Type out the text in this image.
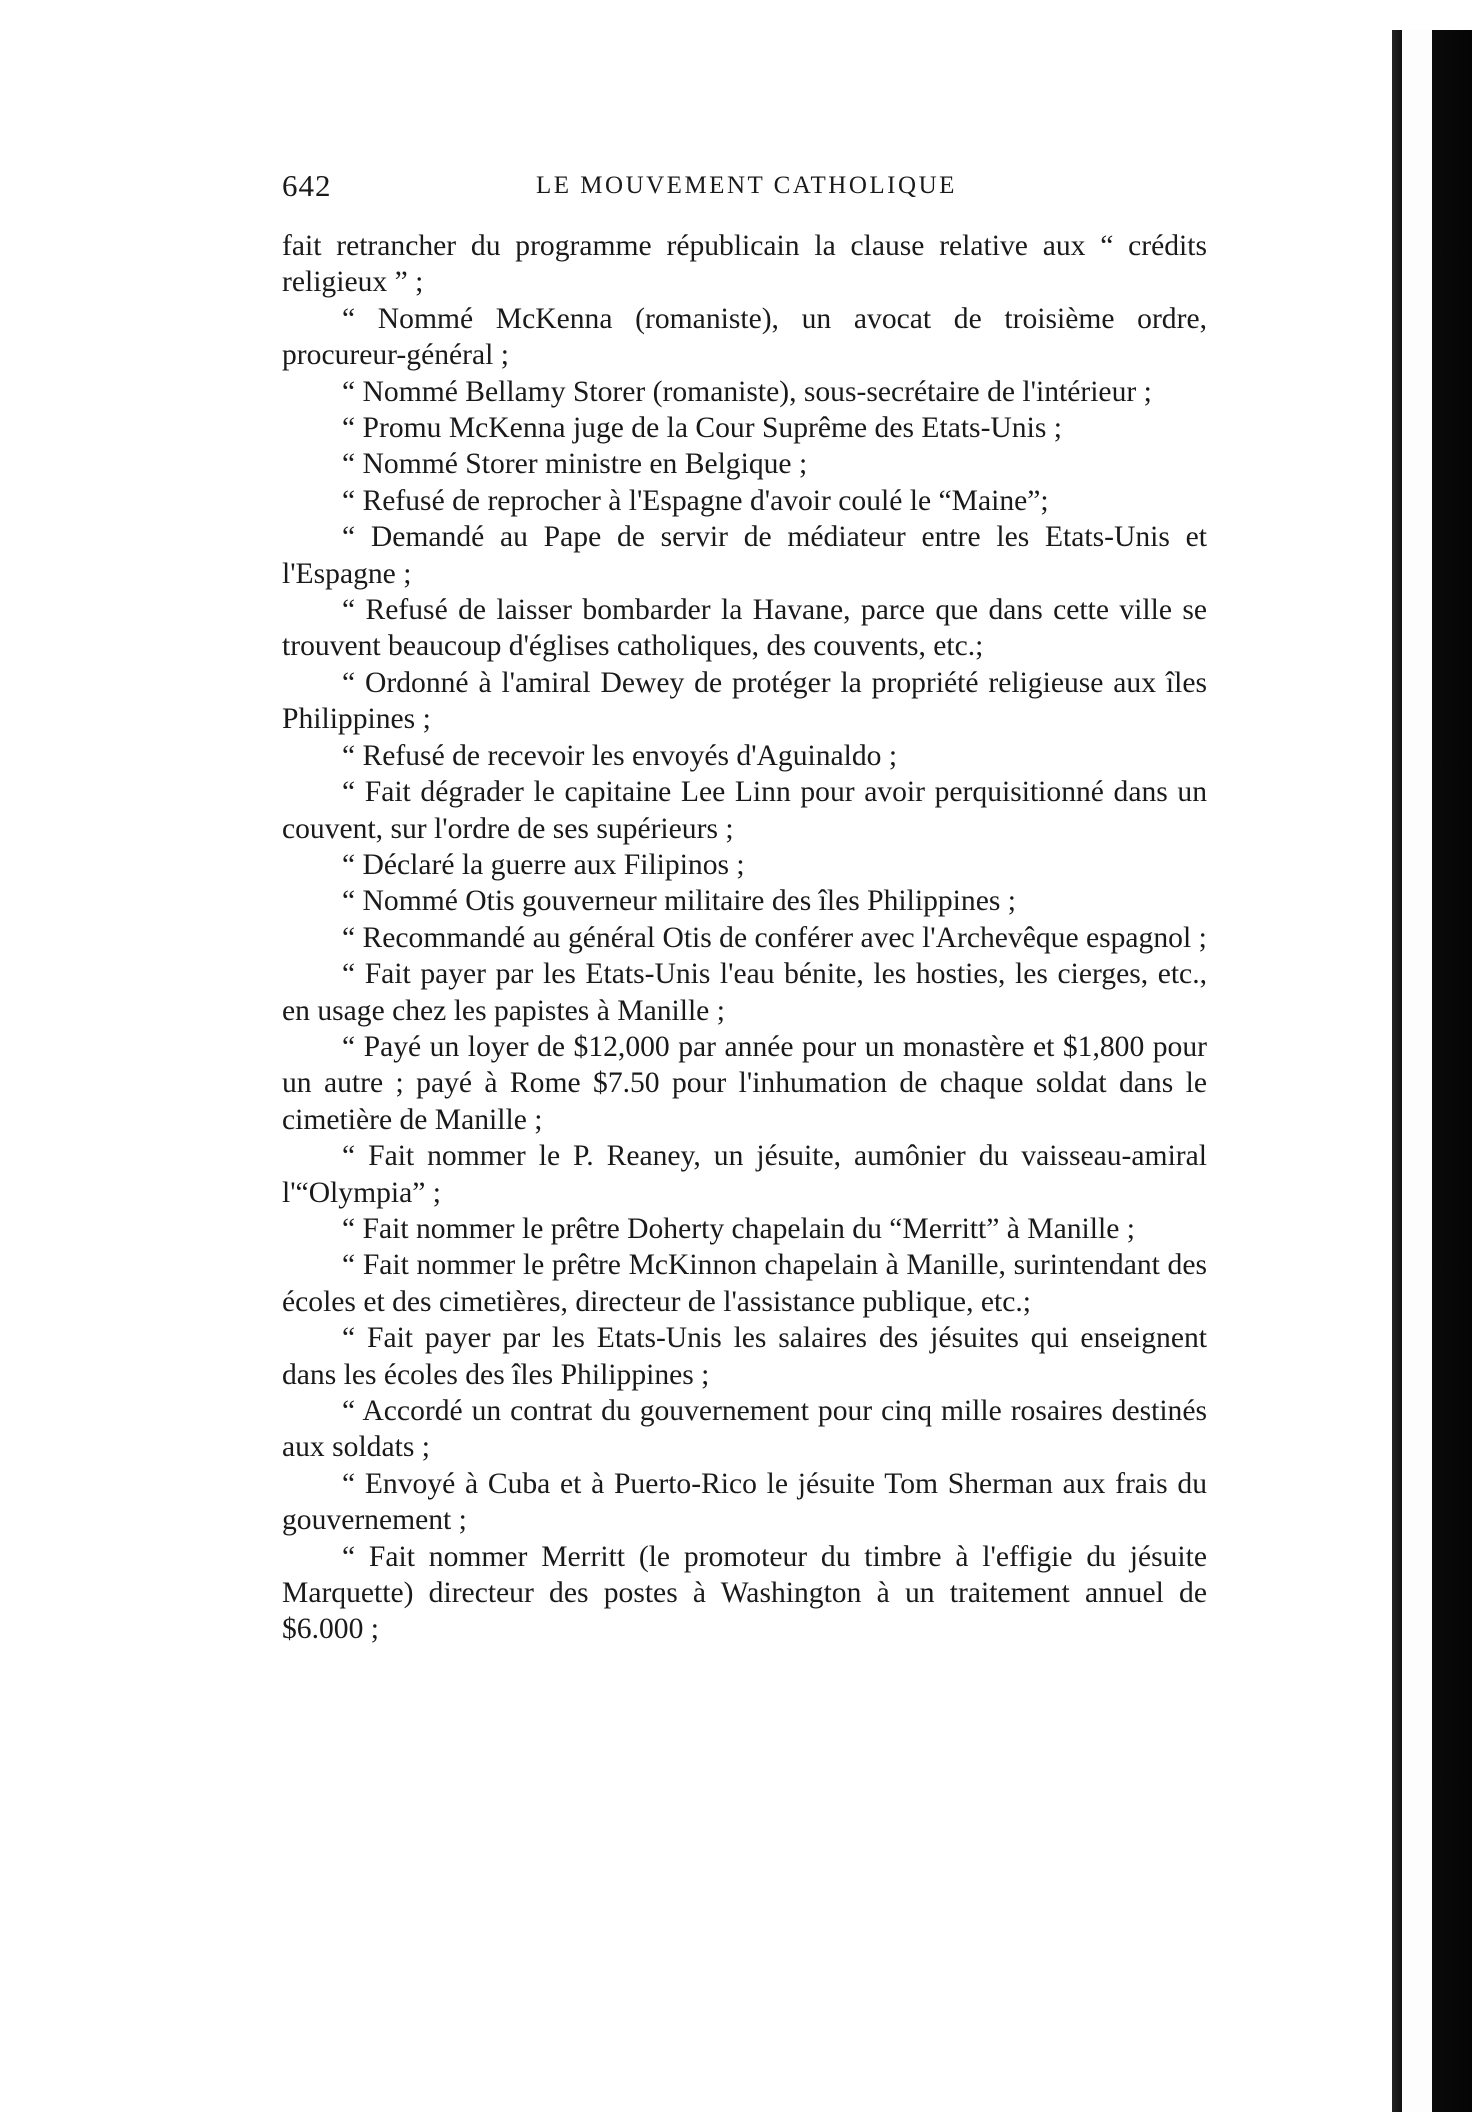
642	LE MOUVEMENT CATHOLIQUE

fait retrancher du programme républicain la clause relative aux “ crédits religieux ” ;

“ Nommé McKenna (romaniste), un avocat de troisième ordre, procureur-général ;

“ Nommé Bellamy Storer (romaniste), sous-secrétaire de l'intérieur ;

“ Promu McKenna juge de la Cour Suprême des Etats-Unis ;

“ Nommé Storer ministre en Belgique ;

“ Refusé de reprocher à l'Espagne d'avoir coulé le “Maine”;

“ Demandé au Pape de servir de médiateur entre les Etats-Unis et l'Espagne ;

“ Refusé de laisser bombarder la Havane, parce que dans cette ville se trouvent beaucoup d'églises catholiques, des couvents, etc.;

“ Ordonné à l'amiral Dewey de protéger la propriété religieuse aux îles Philippines ;

“ Refusé de recevoir les envoyés d'Aguinaldo ;

“ Fait dégrader le capitaine Lee Linn pour avoir perquisitionné dans un couvent, sur l'ordre de ses supérieurs ;

“ Déclaré la guerre aux Filipinos ;

“ Nommé Otis gouverneur militaire des îles Philippines ;

“ Recommandé au général Otis de conférer avec l'Archevêque espagnol ;

“ Fait payer par les Etats-Unis l'eau bénite, les hosties, les cierges, etc., en usage chez les papistes à Manille ;

“ Payé un loyer de $12,000 par année pour un monastère et $1,800 pour un autre ; payé à Rome $7.50 pour l'inhumation de chaque soldat dans le cimetière de Manille ;

“ Fait nommer le P. Reaney, un jésuite, aumônier du vaisseau-amiral l'“Olympia” ;

“ Fait nommer le prêtre Doherty chapelain du “Merritt” à Manille ;

“ Fait nommer le prêtre McKinnon chapelain à Manille, surintendant des écoles et des cimetières, directeur de l'assistance publique, etc.;

“ Fait payer par les Etats-Unis les salaires des jésuites qui enseignent dans les écoles des îles Philippines ;

“ Accordé un contrat du gouvernement pour cinq mille rosaires destinés aux soldats ;

“ Envoyé à Cuba et à Puerto-Rico le jésuite Tom Sherman aux frais du gouvernement ;

“ Fait nommer Merritt (le promoteur du timbre à l'effigie du jésuite Marquette) directeur des postes à Washington à un traitement annuel de $6.000 ;
